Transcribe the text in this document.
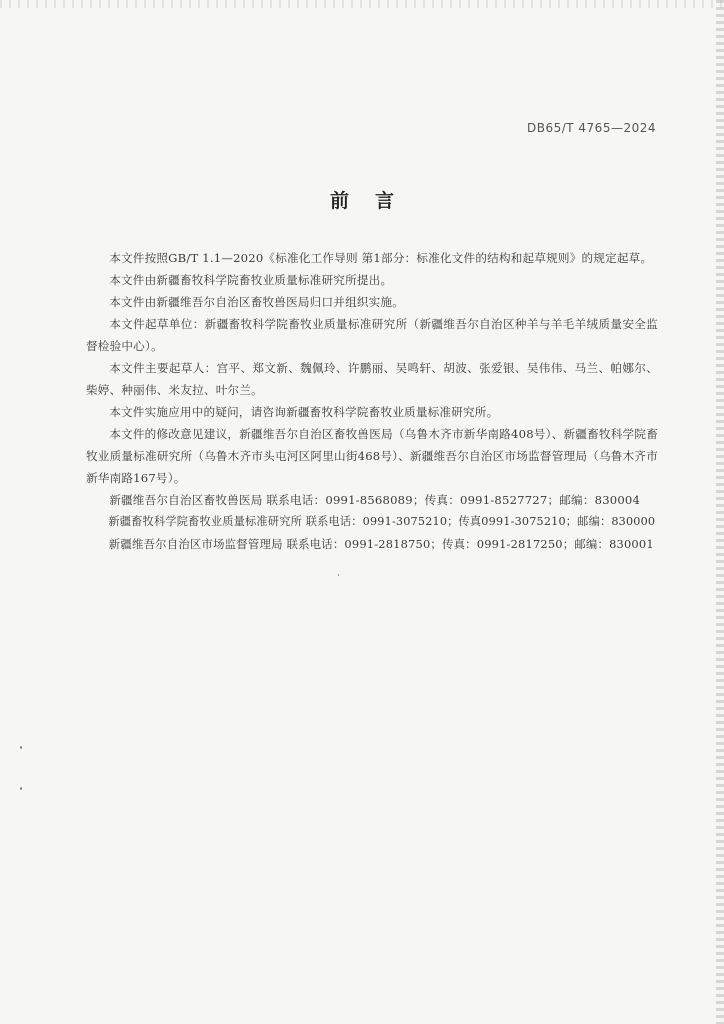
DB65/T 4765—2024
前言

本文件按照GB/T 1.1—2020《标准化工作导则 第1部分：标准化文件的结构和起草规则》的规定起草。

本文件由新疆畜牧科学院畜牧业质量标准研究所提出。

本文件由新疆维吾尔自治区畜牧兽医局归口并组织实施。

本文件起草单位：新疆畜牧科学院畜牧业质量标准研究所（新疆维吾尔自治区种羊与羊毛羊绒质量安全监督检验中心）。

本文件主要起草人：宫平、郑文新、魏佩玲、许鹏丽、吴鸣轩、胡波、张爱银、吴伟伟、马兰、帕娜尔、柴婷、种丽伟、米友拉、叶尔兰。

本文件实施应用中的疑问，请咨询新疆畜牧科学院畜牧业质量标准研究所。

本文件的修改意见建议，新疆维吾尔自治区畜牧兽医局（乌鲁木齐市新华南路408号）、新疆畜牧科学院畜牧业质量标准研究所（乌鲁木齐市头屯河区阿里山街468号）、新疆维吾尔自治区市场监督管理局（乌鲁木齐市新华南路167号）。

新疆维吾尔自治区畜牧兽医局 联系电话：0991-8568089；传真：0991-8527727；邮编：830004

新疆畜牧科学院畜牧业质量标准研究所 联系电话：0991-3075210；传真0991-3075210；邮编：830000

新疆维吾尔自治区市场监督管理局 联系电话：0991-2818750；传真：0991-2817250；邮编：830001
